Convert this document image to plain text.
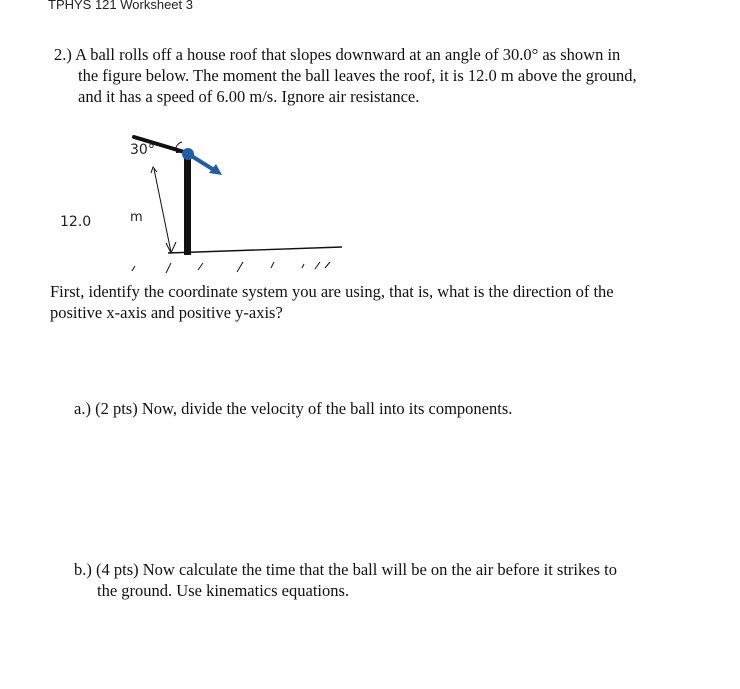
TPHYS 121 Worksheet 3
2.) A ball rolls off a house roof that slopes downward at an angle of 30.0° as shown in
the figure below. The moment the ball leaves the roof, it is 12.0 m above the ground,
and it has a speed of 6.00 m/s. Ignore air resistance.
30°
12.0	m
First, identify the coordinate system you are using, that is, what is the direction of the
positive x-axis and positive y-axis?
a.) (2 pts) Now, divide the velocity of the ball into its components.
b.) (4 pts) Now calculate the time that the ball will be on the air before it strikes to
the ground. Use kinematics equations.
